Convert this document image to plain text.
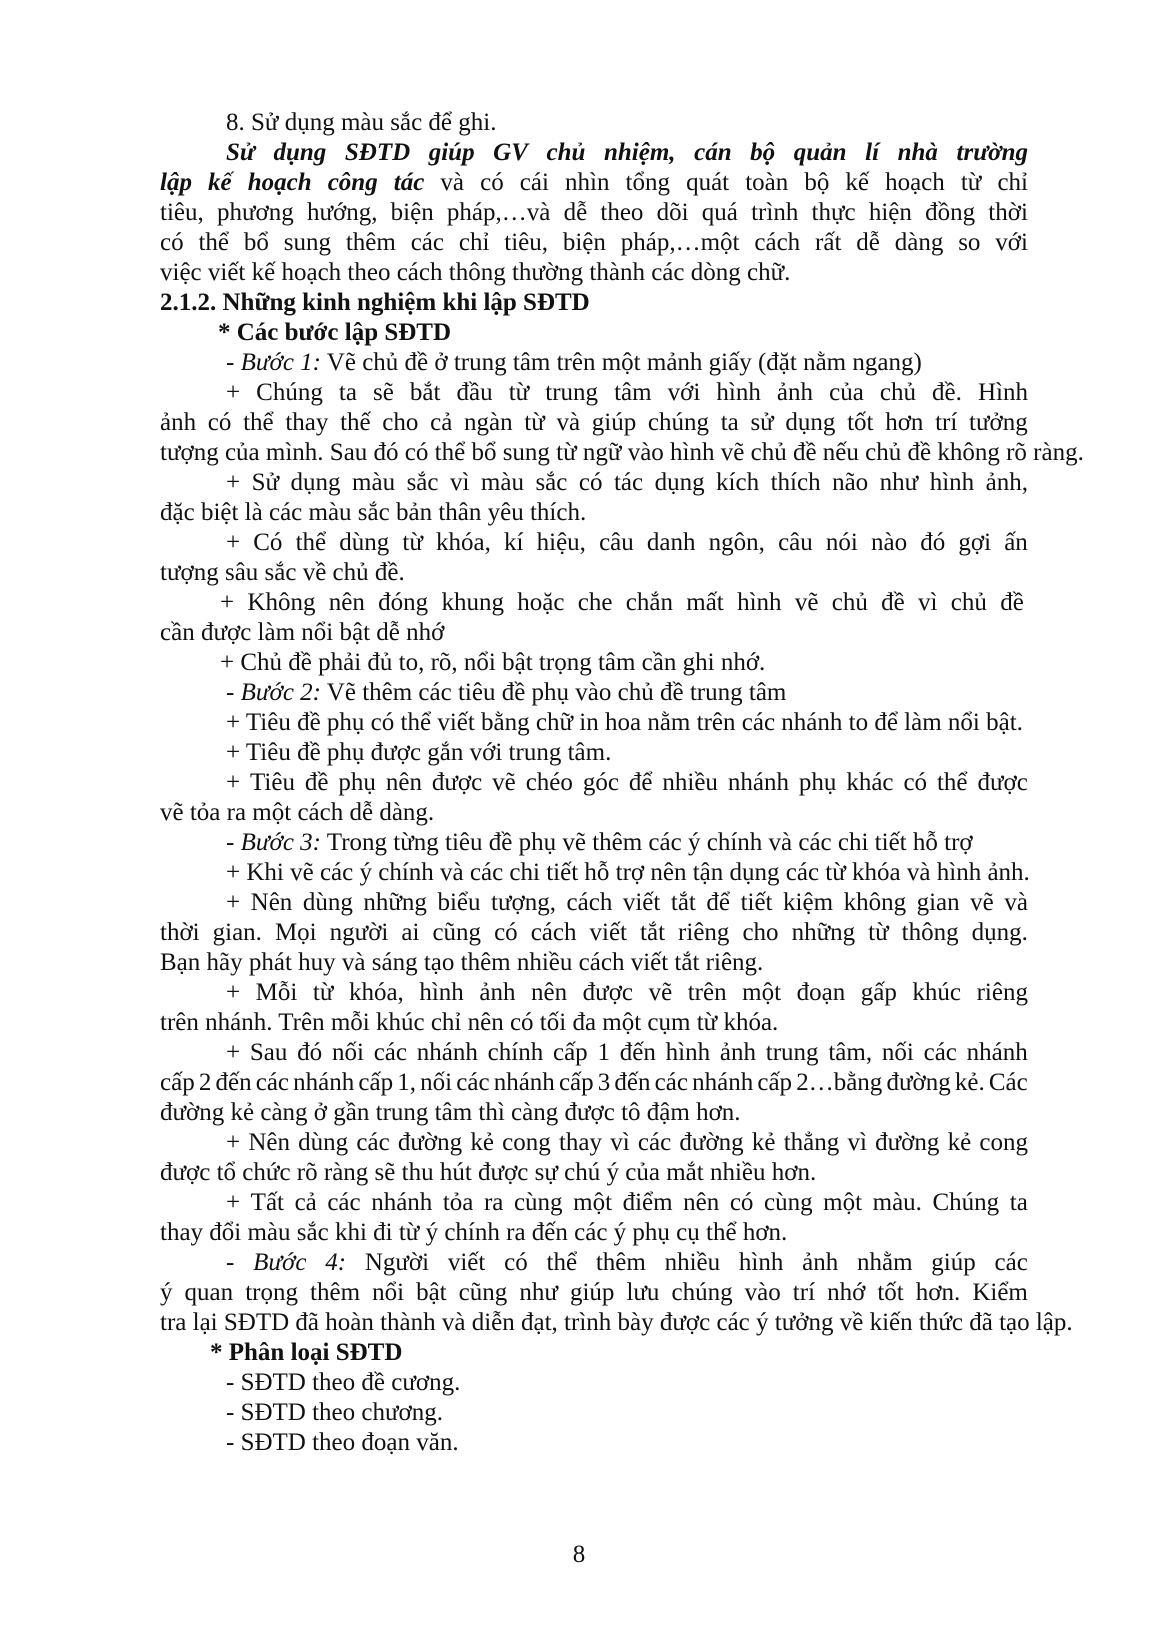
8. Sử dụng màu sắc để ghi.
Sử dụng SĐTD giúp GV chủ nhiệm, cán bộ quản lí nhà trường
lập kế hoạch công tác và có cái nhìn tổng quát toàn bộ kế hoạch từ chỉ
tiêu, phương hướng, biện pháp,…và dễ theo dõi quá trình thực hiện đồng thời
có thể bổ sung thêm các chỉ tiêu, biện pháp,…một cách rất dễ dàng so với
việc viết kế hoạch theo cách thông thường thành các dòng chữ.
2.1.2. Những kinh nghiệm khi lập SĐTD
* Các bước lập SĐTD
- Bước 1: Vẽ chủ đề ở trung tâm trên một mảnh giấy (đặt nằm ngang)
+ Chúng ta sẽ bắt đầu từ trung tâm với hình ảnh của chủ đề. Hình
ảnh có thể thay thế cho cả ngàn từ và giúp chúng ta sử dụng tốt hơn trí tưởng
tượng của mình. Sau đó có thể bổ sung từ ngữ vào hình vẽ chủ đề nếu chủ đề không rõ ràng.
+ Sử dụng màu sắc vì màu sắc có tác dụng kích thích não như hình ảnh,
đặc biệt là các màu sắc bản thân yêu thích.
+ Có thể dùng từ khóa, kí hiệu, câu danh ngôn, câu nói nào đó gợi ấn
tượng sâu sắc về chủ đề.
+ Không nên đóng khung hoặc che chắn mất hình vẽ chủ đề vì chủ đề
cần được làm nổi bật dễ nhớ
+ Chủ đề phải đủ to, rõ, nổi bật trọng tâm cần ghi nhớ.
- Bước 2: Vẽ thêm các tiêu đề phụ vào chủ đề trung tâm
+ Tiêu đề phụ có thể viết bằng chữ in hoa nằm trên các nhánh to để làm nổi bật.
+ Tiêu đề phụ được gắn với trung tâm.
+ Tiêu đề phụ nên được vẽ chéo góc để nhiều nhánh phụ khác có thể được
vẽ tỏa ra một cách dễ dàng.
- Bước 3: Trong từng tiêu đề phụ vẽ thêm các ý chính và các chi tiết hỗ trợ
+ Khi vẽ các ý chính và các chi tiết hỗ trợ nên tận dụng các từ khóa và hình ảnh.
+ Nên dùng những biểu tượng, cách viết tắt để tiết kiệm không gian vẽ và
thời gian. Mọi người ai cũng có cách viết tắt riêng cho những từ thông dụng.
Bạn hãy phát huy và sáng tạo thêm nhiều cách viết tắt riêng.
+ Mỗi từ khóa, hình ảnh nên được vẽ trên một đoạn gấp khúc riêng
trên nhánh. Trên mỗi khúc chỉ nên có tối đa một cụm từ khóa.
+ Sau đó nối các nhánh chính cấp 1 đến hình ảnh trung tâm, nối các nhánh
cấp 2 đến các nhánh cấp 1, nối các nhánh cấp 3 đến các nhánh cấp 2…bằng đường kẻ. Các
đường kẻ càng ở gần trung tâm thì càng được tô đậm hơn.
+ Nên dùng các đường kẻ cong thay vì các đường kẻ thẳng vì đường kẻ cong
được tổ chức rõ ràng sẽ thu hút được sự chú ý của mắt nhiều hơn.
+ Tất cả các nhánh tỏa ra cùng một điểm nên có cùng một màu. Chúng ta
thay đổi màu sắc khi đi từ ý chính ra đến các ý phụ cụ thể hơn.
- Bước 4: Người viết có thể thêm nhiều hình ảnh nhằm giúp các
ý quan trọng thêm nổi bật cũng như giúp lưu chúng vào trí nhớ tốt hơn. Kiểm
tra lại SĐTD đã hoàn thành và diễn đạt, trình bày được các ý tưởng về kiến thức đã tạo lập.
* Phân loại SĐTD
- SĐTD theo đề cương.
- SĐTD theo chương.
- SĐTD theo đoạn văn.
8
